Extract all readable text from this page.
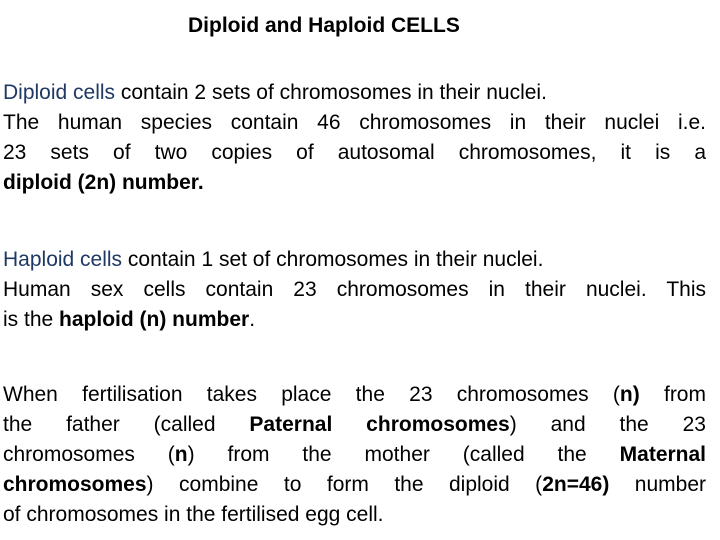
Diploid and Haploid CELLS

Diploid cells contain 2 sets of chromosomes in their nuclei.

The human species contain 46 chromosomes in their nuclei i.e.

23 sets of two copies of autosomal chromosomes, it is a

diploid (2n) number.

Haploid cells contain 1 set of chromosomes in their nuclei.

Human sex cells contain 23 chromosomes in their nuclei. This

is the haploid (n) number.

When fertilisation takes place the 23 chromosomes (n) from

the father (called Paternal chromosomes) and the 23

chromosomes (n) from the mother (called the Maternal

chromosomes) combine to form the diploid (2n=46) number

of chromosomes in the fertilised egg cell.
